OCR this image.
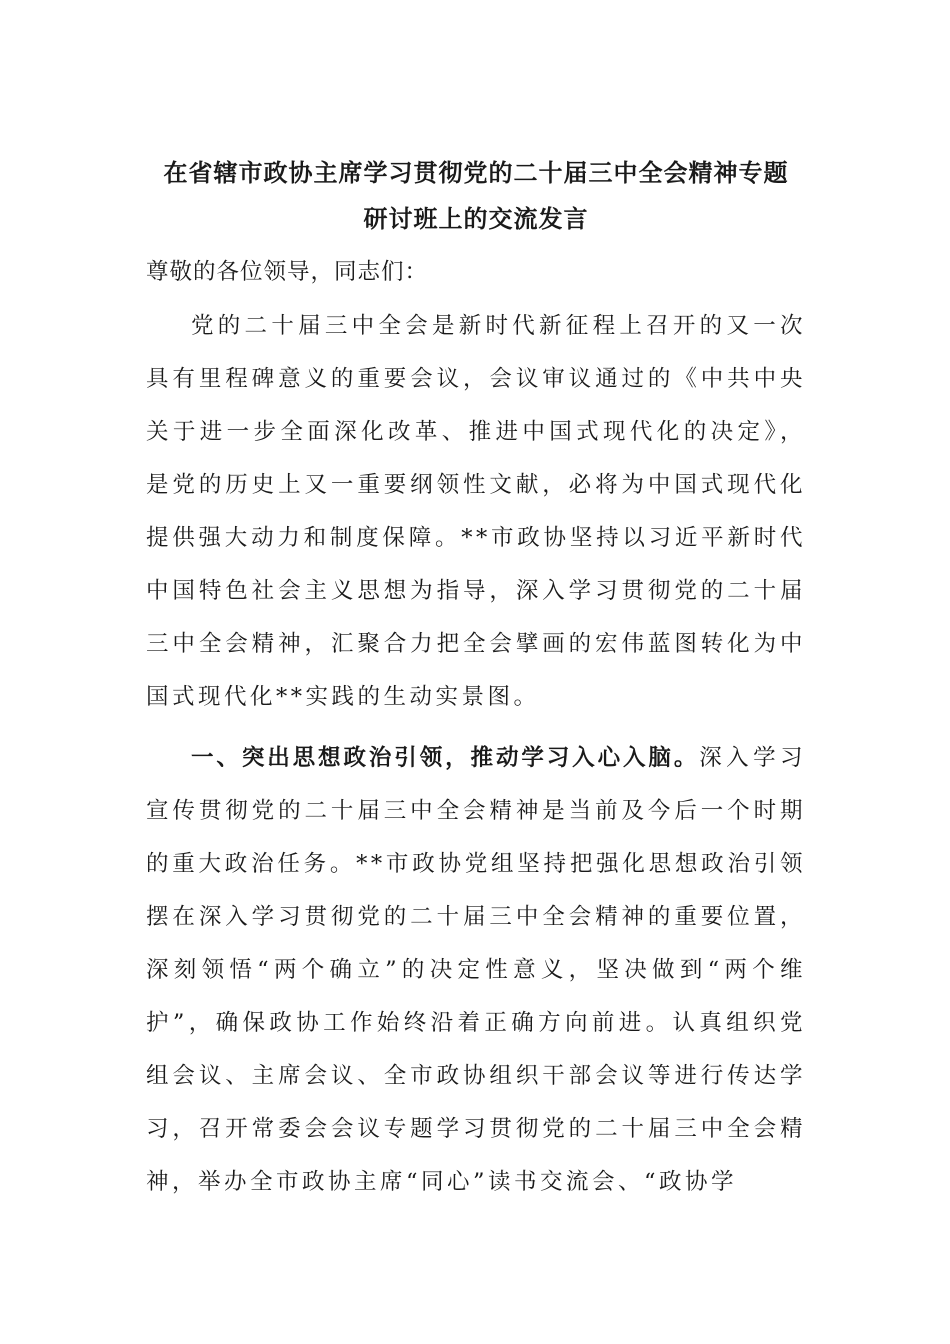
在省辖市政协主席学习贯彻党的二十届三中全会精神专题
研讨班上的交流发言
尊敬的各位领导，同志们：

党的二十届三中全会是新时代新征程上召开的又一次具有里程碑意义的重要会议，会议审议通过的《中共中央关于进一步全面深化改革、推进中国式现代化的决定》，是党的历史上又一重要纲领性文献，必将为中国式现代化提供强大动力和制度保障。**市政协坚持以习近平新时代中国特色社会主义思想为指导，深入学习贯彻党的二十届三中全会精神，汇聚合力把全会擘画的宏伟蓝图转化为中国式现代化**实践的生动实景图。

一、突出思想政治引领，推动学习入心入脑。深入学习宣传贯彻党的二十届三中全会精神是当前及今后一个时期的重大政治任务。**市政协党组坚持把强化思想政治引领摆在深入学习贯彻党的二十届三中全会精神的重要位置，深刻领悟“两个确立”的决定性意义，坚决做到“两个维护”，确保政协工作始终沿着正确方向前进。认真组织党组会议、主席会议、全市政协组织干部会议等进行传达学习，召开常委会会议专题学习贯彻党的二十届三中全会精神，举办全市政协主席“同心”读书交流会、“政协学
